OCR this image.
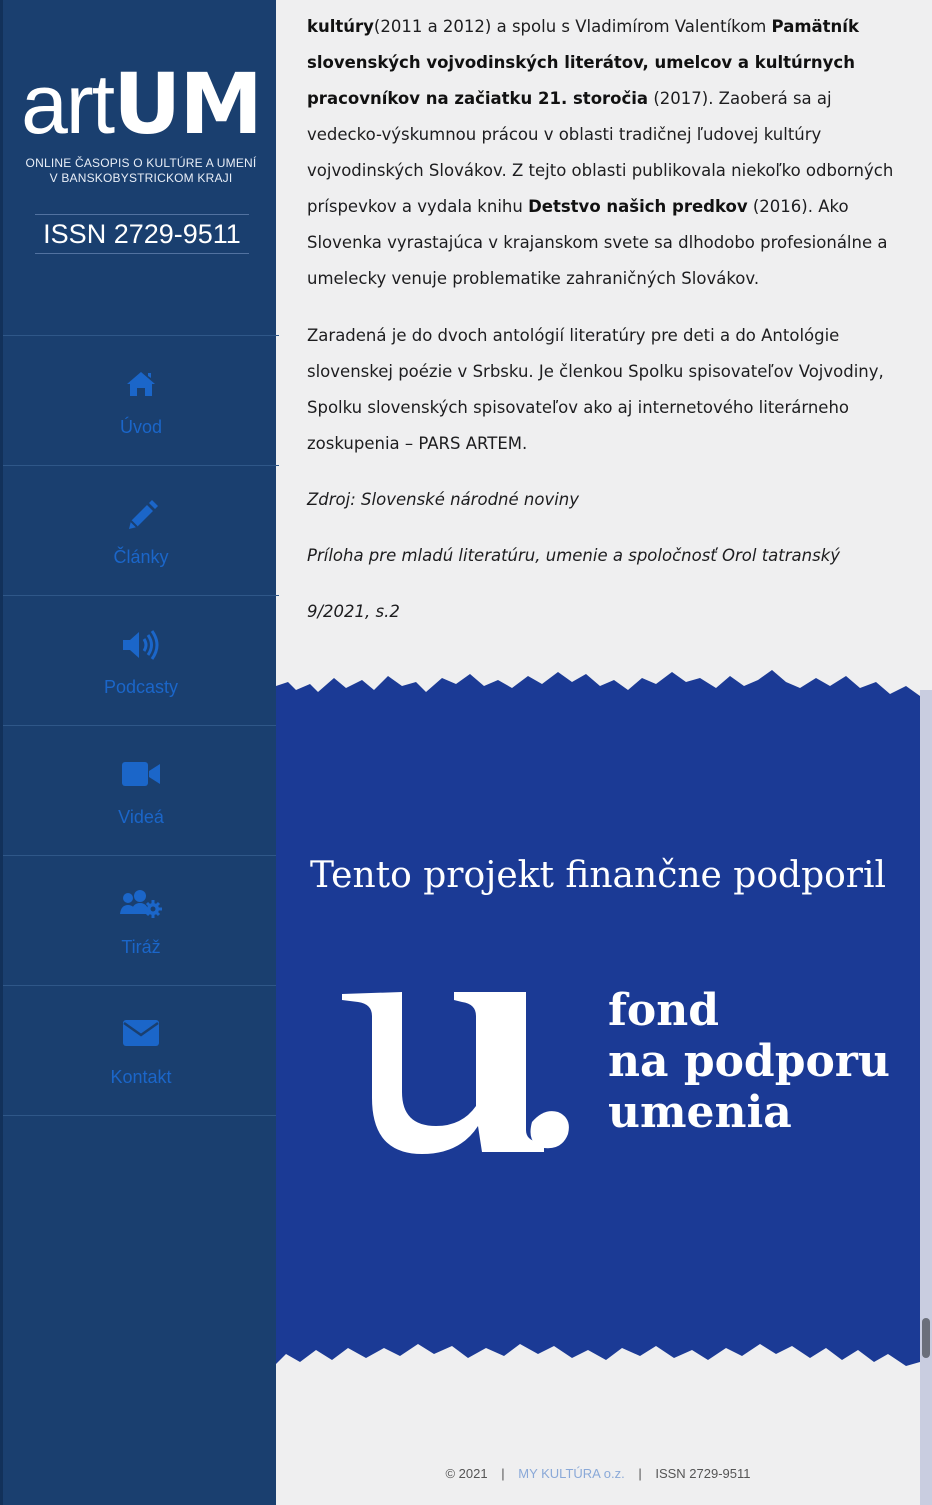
artUM
ONLINE ČASOPIS O KULTÚRE A UMENÍ
V BANSKOBYSTRICKOM KRAJI
ISSN 2729-9511
Úvod
Články
Podcasty
Videá
Tiráž
Kontakt

kultúry(2011 a 2012) a spolu s Vladimírom Valentíkom Pamätník slovenských vojvodinských literátov, umelcov a kultúrnych pracovníkov na začiatku 21. storočia (2017). Zaoberá sa aj vedecko-výskumnou prácou v oblasti tradičnej ľudovej kultúry vojvodinských Slovákov. Z tejto oblasti publikovala niekoľko odborných príspevkov a vydala knihu Detstvo našich predkov (2016). Ako Slovenka vyrastajúca v krajanskom svete sa dlhodobo profesionálne a umelecky venuje problematike zahraničných Slovákov.

Zaradená je do dvoch antológií literatúry pre deti a do Antológie slovenskej poézie v Srbsku. Je členkou Spolku spisovateľov Vojvodiny, Spolku slovenských spisovateľov ako aj internetového literárneho zoskupenia – PARS ARTEM.

Zdroj: Slovenské národné noviny

Príloha pre mladú literatúru, umenie a spoločnosť Orol tatranský

9/2021, s.2

Tento projekt finančne podporil
fond
na podporu
umenia
© 2021 | MY KULTÚRA o.z. | ISSN 2729-9511
